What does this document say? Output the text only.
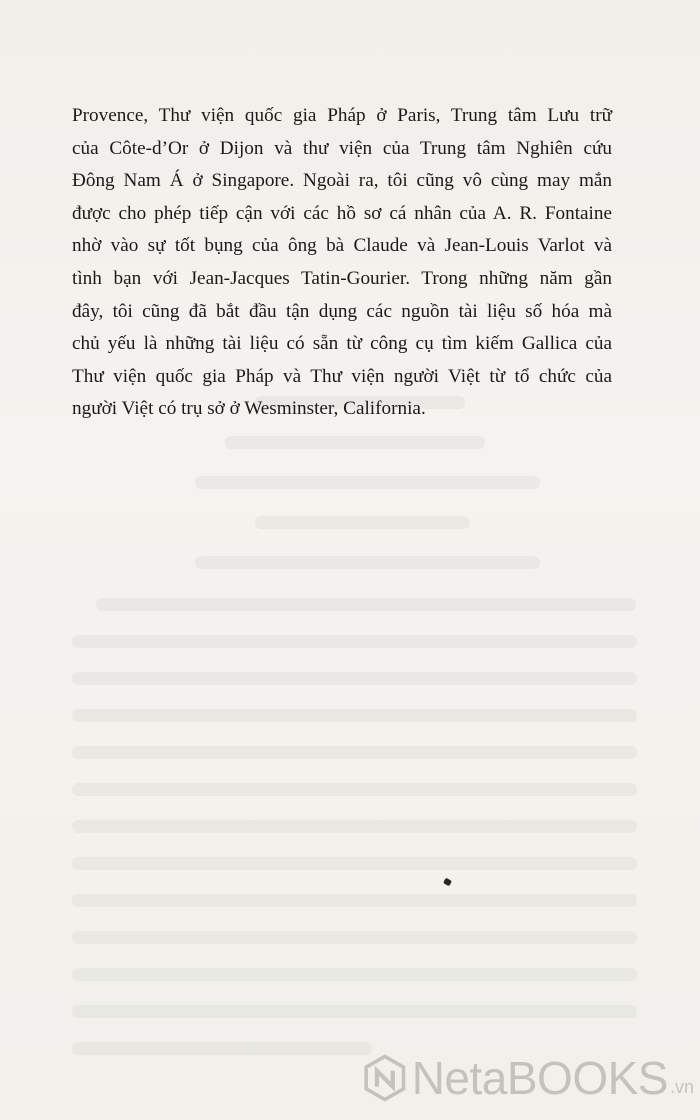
Provence, Thư viện quốc gia Pháp ở Paris, Trung tâm Lưu trữ
của Côte-d’Or ở Dijon và thư viện của Trung tâm Nghiên cứu
Đông Nam Á ở Singapore. Ngoài ra, tôi cũng vô cùng may mắn
được cho phép tiếp cận với các hồ sơ cá nhân của A. R. Fontaine
nhờ vào sự tốt bụng của ông bà Claude và Jean-Louis Varlot và
tình bạn với Jean-Jacques Tatin-Gourier. Trong những năm gần
đây, tôi cũng đã bắt đầu tận dụng các nguồn tài liệu số hóa mà
chủ yếu là những tài liệu có sẵn từ công cụ tìm kiếm Gallica của
Thư viện quốc gia Pháp và Thư viện người Việt từ tổ chức của
người Việt có trụ sở ở Wesminster, California.

NetaBOOKS .vn
